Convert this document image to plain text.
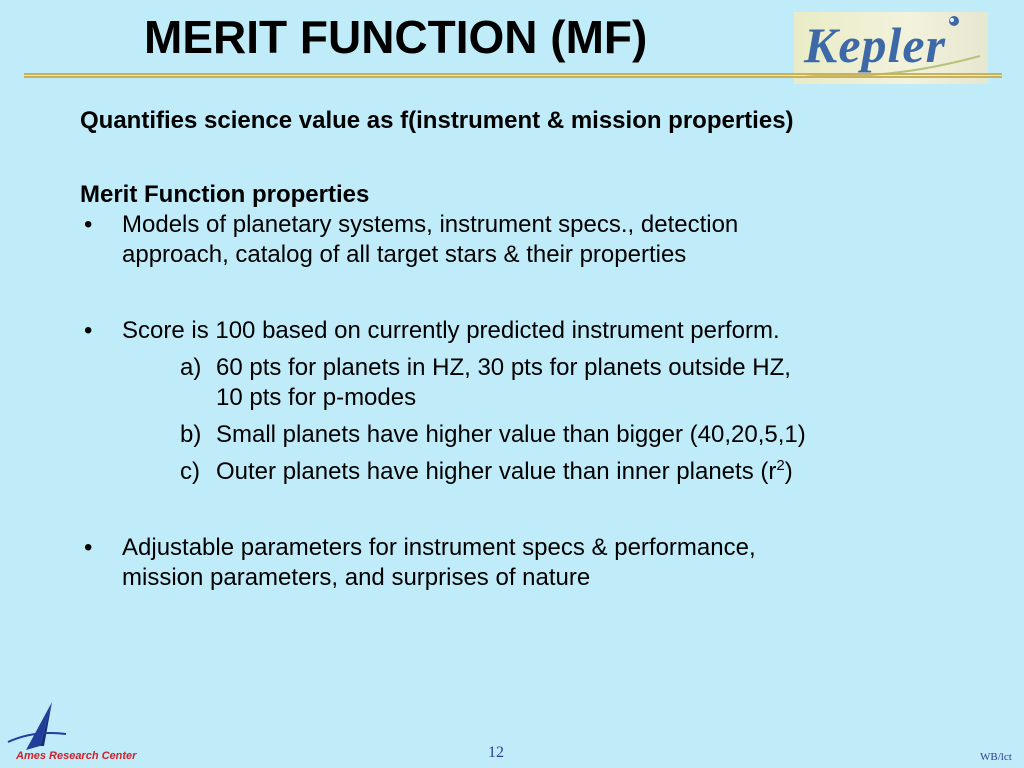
MERIT FUNCTION (MF)	Kepler
Quantifies science value as f(instrument & mission properties)
Merit Function properties
• Models of planetary systems, instrument specs., detection
approach, catalog of all target stars & their properties
• Score is 100 based on currently predicted instrument perform.
a) 60 pts for planets in HZ, 30 pts for planets outside HZ,
10 pts for p-modes
b) Small planets have higher value than bigger (40,20,5,1)
c) Outer planets have higher value than inner planets $(r^2)$
• Adjustable parameters for instrument specs & performance,
mission parameters, and surprises of nature
Ames Research Center	12	WB/lct
